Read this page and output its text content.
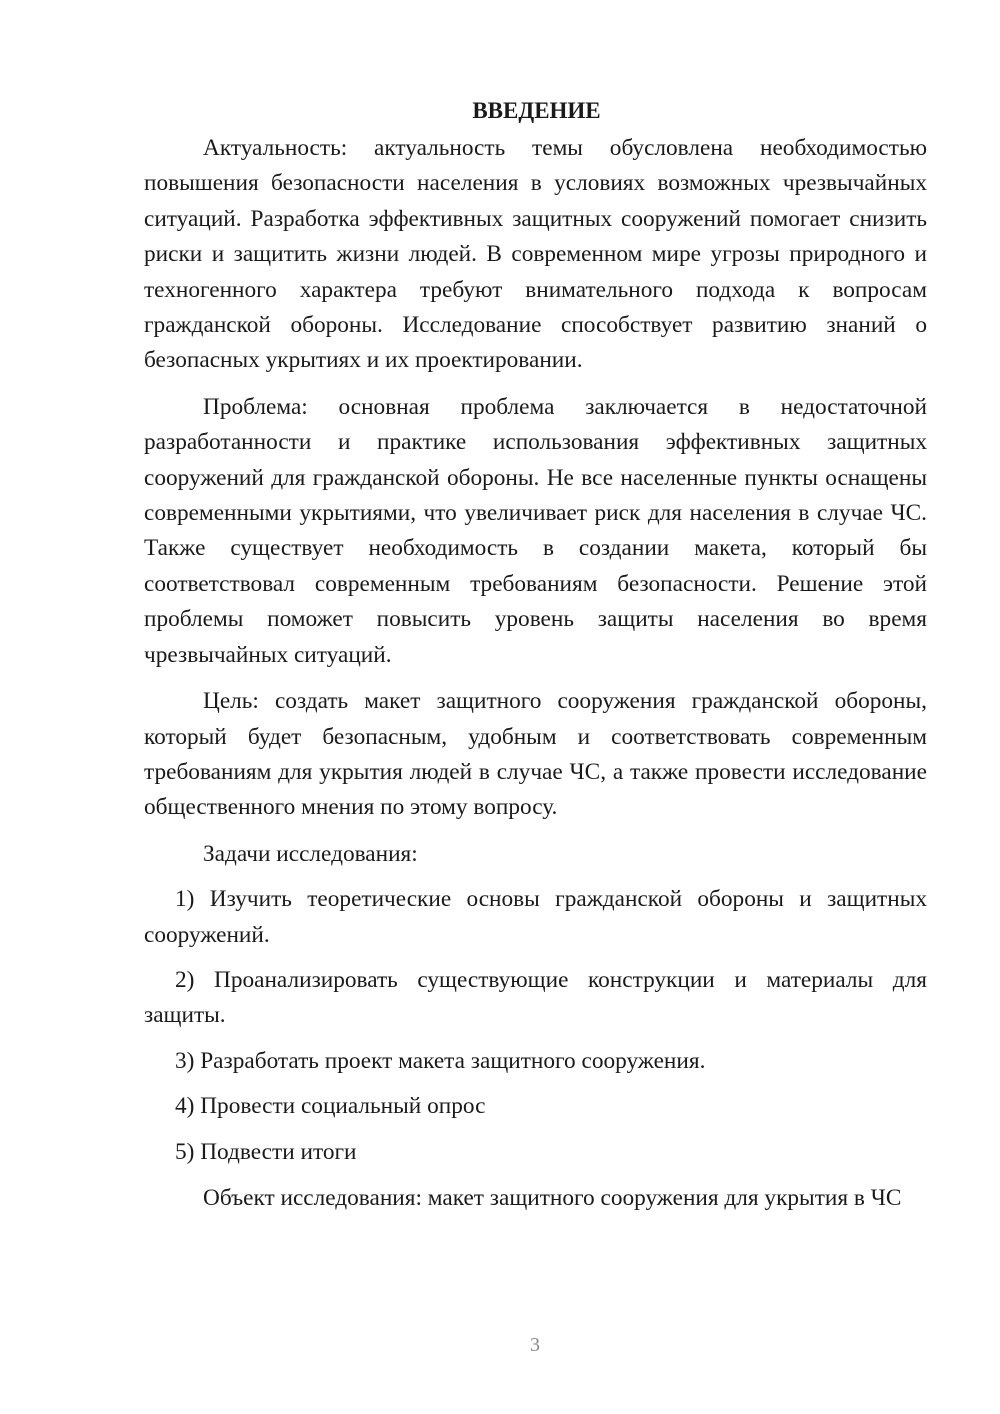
ВВЕДЕНИЕ

Актуальность: актуальность темы обусловлена необходимостью повышения безопасности населения в условиях возможных чрезвычайных ситуаций. Разработка эффективных защитных сооружений помогает снизить риски и защитить жизни людей. В современном мире угрозы природного и техногенного характера требуют внимательного подхода к вопросам гражданской обороны. Исследование способствует развитию знаний о безопасных укрытиях и их проектировании.

Проблема: основная проблема заключается в недостаточной разработанности и практике использования эффективных защитных сооружений для гражданской обороны. Не все населенные пункты оснащены современными укрытиями, что увеличивает риск для населения в случае ЧС. Также существует необходимость в создании макета, который бы соответствовал современным требованиям безопасности. Решение этой проблемы поможет повысить уровень защиты населения во время чрезвычайных ситуаций.

Цель: создать макет защитного сооружения гражданской обороны, который будет безопасным, удобным и соответствовать современным требованиям для укрытия людей в случае ЧС, а также провести исследование общественного мнения по этому вопросу.

Задачи исследования:

1) Изучить теоретические основы гражданской обороны и защитных сооружений.

2) Проанализировать существующие конструкции и материалы для защиты.

3) Разработать проект макета защитного сооружения.

4) Провести социальный опрос

5) Подвести итоги

Объект исследования: макет защитного сооружения для укрытия в ЧС

3
